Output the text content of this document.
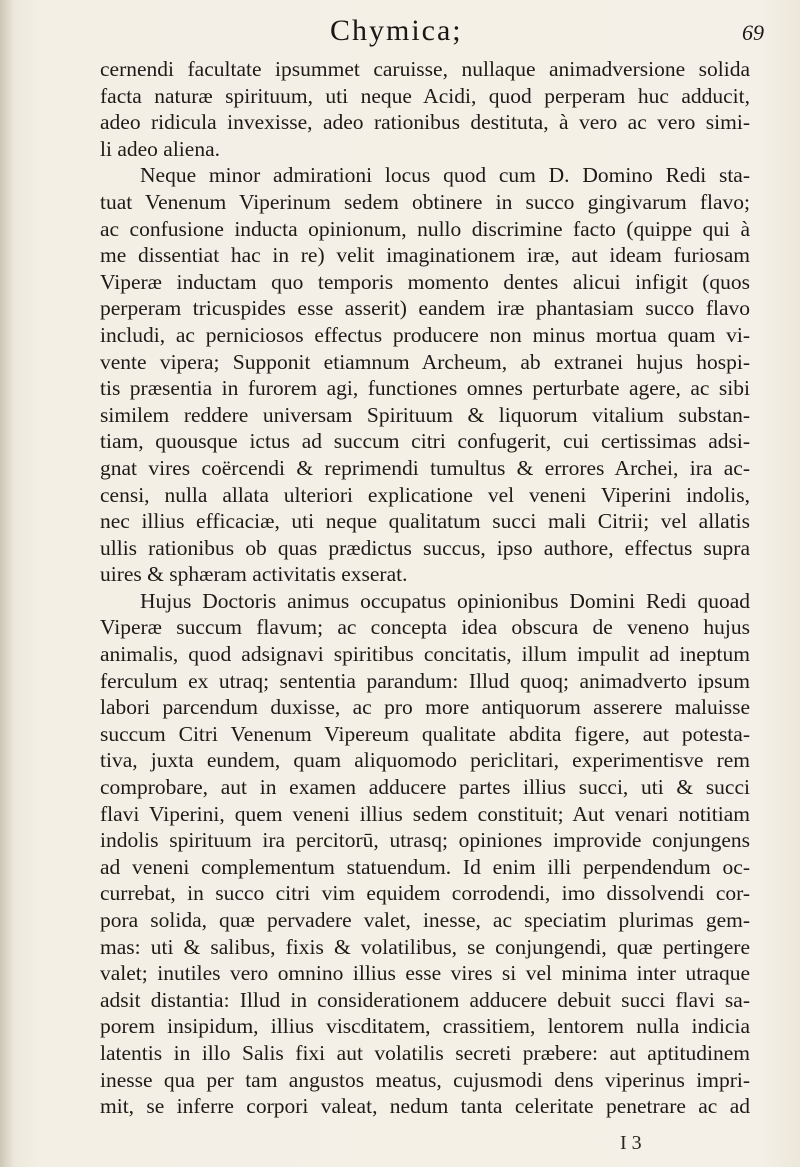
Chymica;	69
cernendi facultate ipsummet caruisse, nullaque animadversione solida
facta naturæ spirituum, uti neque Acidi, quod perperam huc adducit,
adeo ridicula invexisse, adeo rationibus destituta, à vero ac vero simi-
li adeo aliena.
Neque minor admirationi locus quod cum D. Domino Redi sta-
tuat Venenum Viperinum sedem obtinere in succo gingivarum flavo;
ac confusione inducta opinionum, nullo discrimine facto (quippe qui à
me dissentiat hac in re) velit imaginationem iræ, aut ideam furiosam
Viperæ inductam quo temporis momento dentes alicui infigit (quos
perperam tricuspides esse asserit) eandem iræ phantasiam succo flavo
includi, ac perniciosos effectus producere non minus mortua quam vi-
vente vipera; Supponit etiamnum Archeum, ab extranei hujus hospi-
tis præsentia in furorem agi, functiones omnes perturbate agere, ac sibi
similem reddere universam Spirituum & liquorum vitalium substan-
tiam, quousque ictus ad succum citri confugerit, cui certissimas adsi-
gnat vires coërcendi & reprimendi tumultus & errores Archei, ira ac-
censi, nulla allata ulteriori explicatione vel veneni Viperini indolis,
nec illius efficaciæ, uti neque qualitatum succi mali Citrii; vel allatis
ullis rationibus ob quas prædictus succus, ipso authore, effectus supra
uires & sphæram activitatis exserat.
Hujus Doctoris animus occupatus opinionibus Domini Redi quoad
Viperæ succum flavum; ac concepta idea obscura de veneno hujus
animalis, quod adsignavi spiritibus concitatis, illum impulit ad ineptum
ferculum ex utraq; sententia parandum: Illud quoq; animadverto ipsum
labori parcendum duxisse, ac pro more antiquorum asserere maluisse
succum Citri Venenum Vipereum qualitate abdita figere, aut potesta-
tiva, juxta eundem, quam aliquomodo periclitari, experimentisve rem
comprobare, aut in examen adducere partes illius succi, uti & succi
flavi Viperini, quem veneni illius sedem constituit; Aut venari notitiam
indolis spirituum ira percitorū, utrasq; opiniones improvide conjungens
ad veneni complementum statuendum. Id enim illi perpendendum oc-
currebat, in succo citri vim equidem corrodendi, imo dissolvendi cor-
pora solida, quæ pervadere valet, inesse, ac speciatim plurimas gem-
mas: uti & salibus, fixis & volatilibus, se conjungendi, quæ pertingere
valet; inutiles vero omnino illius esse vires si vel minima inter utraque
adsit distantia: Illud in considerationem adducere debuit succi flavi sa-
porem insipidum, illius viscditatem, crassitiem, lentorem nulla indicia
latentis in illo Salis fixi aut volatilis secreti præbere: aut aptitudinem
inesse qua per tam angustos meatus, cujusmodi dens viperinus impri-
mit, se inferre corpori valeat, nedum tanta celeritate penetrare ac ad
I 3
